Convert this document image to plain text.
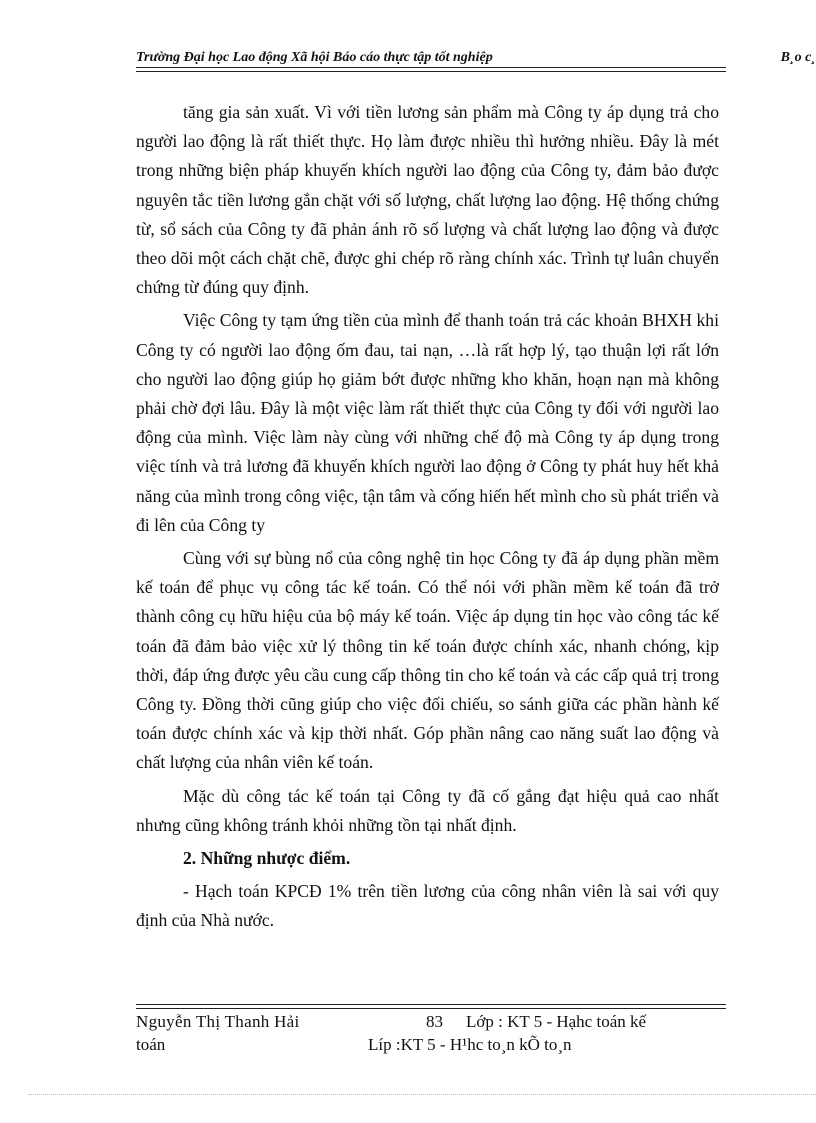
Trường Đại học Lao động Xã hội Báo cáo thực tập tốt nghiệp	B¸o c¸

tăng gia sản xuất. Vì với tiền lương sản phẩm mà Công ty áp dụng trả cho người lao động là rất thiết thực. Họ làm được nhiều thì hưởng nhiều. Đây là mét trong những biện pháp khuyến khích người lao động của Công ty, đảm bảo được nguyên tắc tiền lương gắn chặt với số lượng, chất lượng lao động. Hệ thống chứng từ, sổ sách của Công ty đã phản ánh rõ số lượng và chất lượng lao động và được theo dõi một cách chặt chẽ, được ghi chép rõ ràng chính xác. Trình tự luân chuyển chứng từ đúng quy định.

Việc Công ty tạm ứng tiền của mình để thanh toán trả các khoản BHXH khi Công ty có người lao động ốm đau, tai nạn, …là rất hợp lý, tạo thuận lợi rất lớn cho người lao động giúp họ giảm bớt được những kho khăn, hoạn nạn mà không phải chờ đợi lâu. Đây là một việc làm rất thiết thực của Công ty đối với người lao động của mình. Việc làm này cùng với những chế độ mà Công ty áp dụng trong việc tính và trả lương đã khuyến khích người lao động ở Công ty phát huy hết khả năng của mình trong công việc, tận tâm và cống hiến hết mình cho sù phát triển và đi lên của Công ty

Cùng với sự bùng nổ của công nghệ tin học Công ty đã áp dụng phần mềm kế toán để phục vụ công tác kế toán. Có thể nói với phần mềm kế toán đã trở thành công cụ hữu hiệu của bộ máy kế toán. Việc áp dụng tin học vào công tác kế toán đã đảm bảo việc xử lý thông tin kế toán được chính xác, nhanh chóng, kịp thời, đáp ứng được yêu cầu cung cấp thông tin cho kế toán và các cấp quả trị trong Công ty. Đồng thời cũng giúp cho việc đối chiếu, so sánh giữa các phần hành kế toán được chính xác và kịp thời nhất. Góp phần nâng cao năng suất lao động và chất lượng của nhân viên kế toán.

Mặc dù công tác kế toán tại Công ty đã cố gắng đạt hiệu quả cao nhất nhưng cũng không tránh khỏi những tồn tại nhất định.

2. Những nhược điểm.

- Hạch toán KPCĐ 1% trên tiền lương của công nhân viên là sai với quy định của Nhà nước.

Nguyễn Thị Thanh Hải	83 Lớp : KT 5 - Hạhc toán kế
toán	Líp :KT 5 - H¹hc to¸n kÕ to¸n
